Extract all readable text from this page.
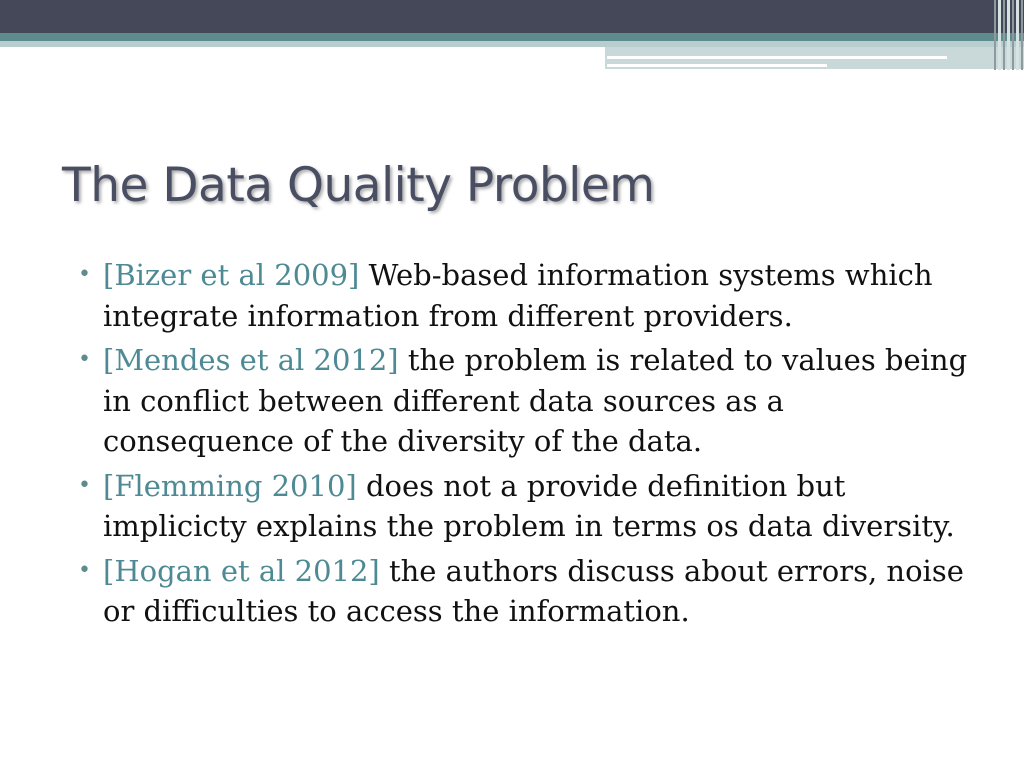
The Data Quality Problem
• [Bizer et al 2009] Web-based information systems which integrate information from different providers.
• [Mendes et al 2012] the problem is related to values being in conflict between different data sources as a consequence of the diversity of the data.
• [Flemming 2010] does not a provide definition but implicicty explains the problem in terms os data diversity.
• [Hogan et al 2012] the authors discuss about errors, noise or difficulties to access the information.
